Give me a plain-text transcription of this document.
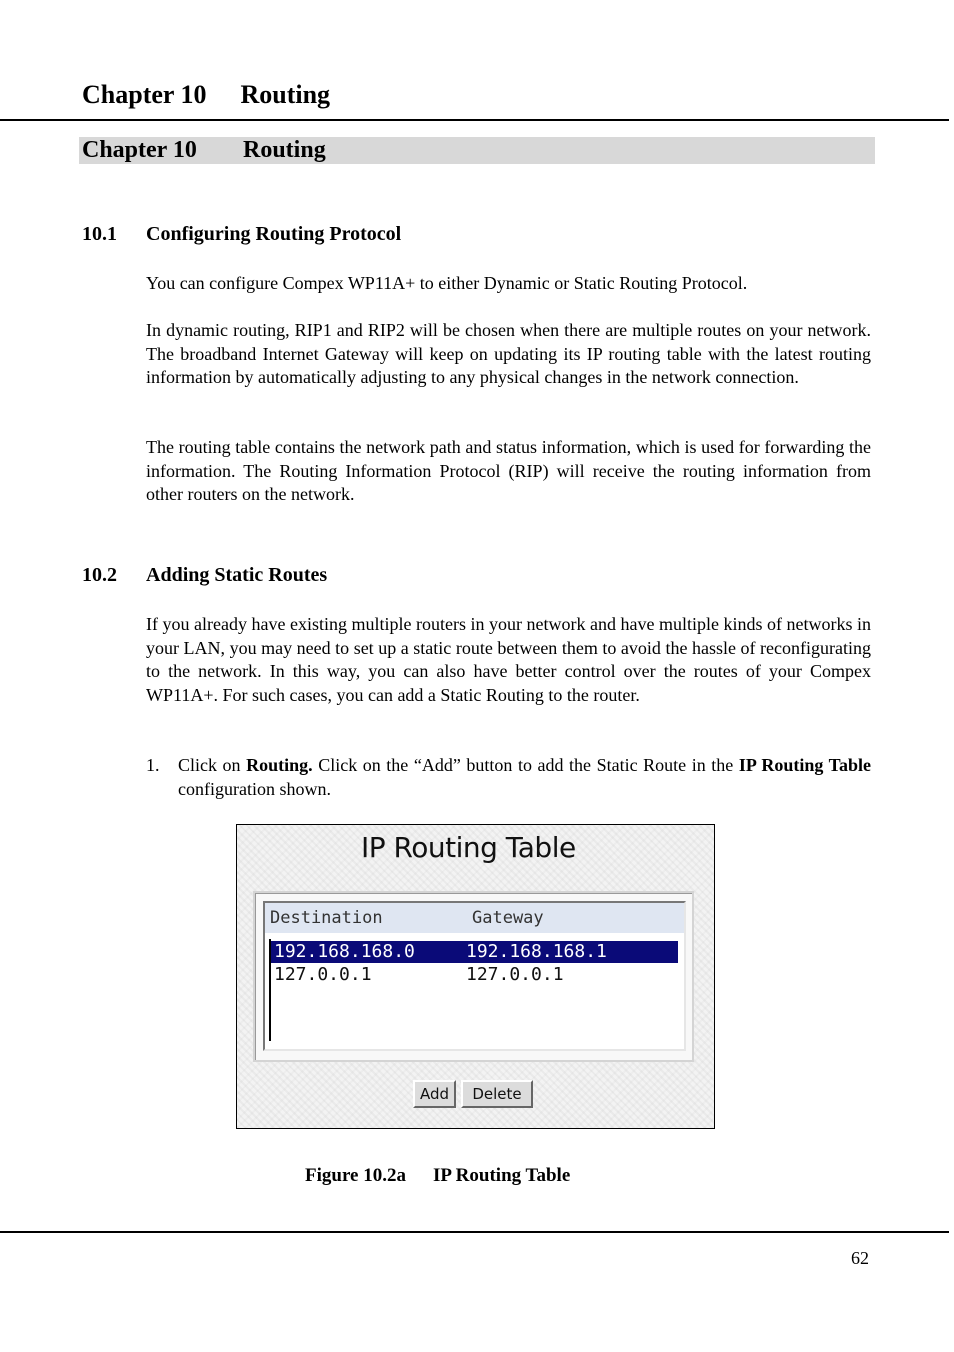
Chapter 10 Routing
Chapter 10 Routing
10.1 Configuring Routing Protocol
You can configure Compex WP11A+ to either Dynamic or Static Routing Protocol.
In dynamic routing, RIP1 and RIP2 will be chosen when there are multiple routes on your network. The broadband Internet Gateway will keep on updating its IP routing table with the latest routing information by automatically adjusting to any physical changes in the network connection.
The routing table contains the network path and status information, which is used for forwarding the information. The Routing Information Protocol (RIP) will receive the routing information from other routers on the network.
10.2 Adding Static Routes
If you already have existing multiple routers in your network and have multiple kinds of networks in your LAN, you may need to set up a static route between them to avoid the hassle of reconfigurating to the network. In this way, you can also have better control over the routes of your Compex WP11A+. For such cases, you can add a Static Routing to the router.
1. Click on Routing. Click on the “Add” button to add the Static Route in the IP Routing Table configuration shown.
IP Routing Table
Destination	Gateway
192.168.168.0	192.168.168.1
127.0.0.1	127.0.0.1
Add	Delete
Figure 10.2a IP Routing Table
62
